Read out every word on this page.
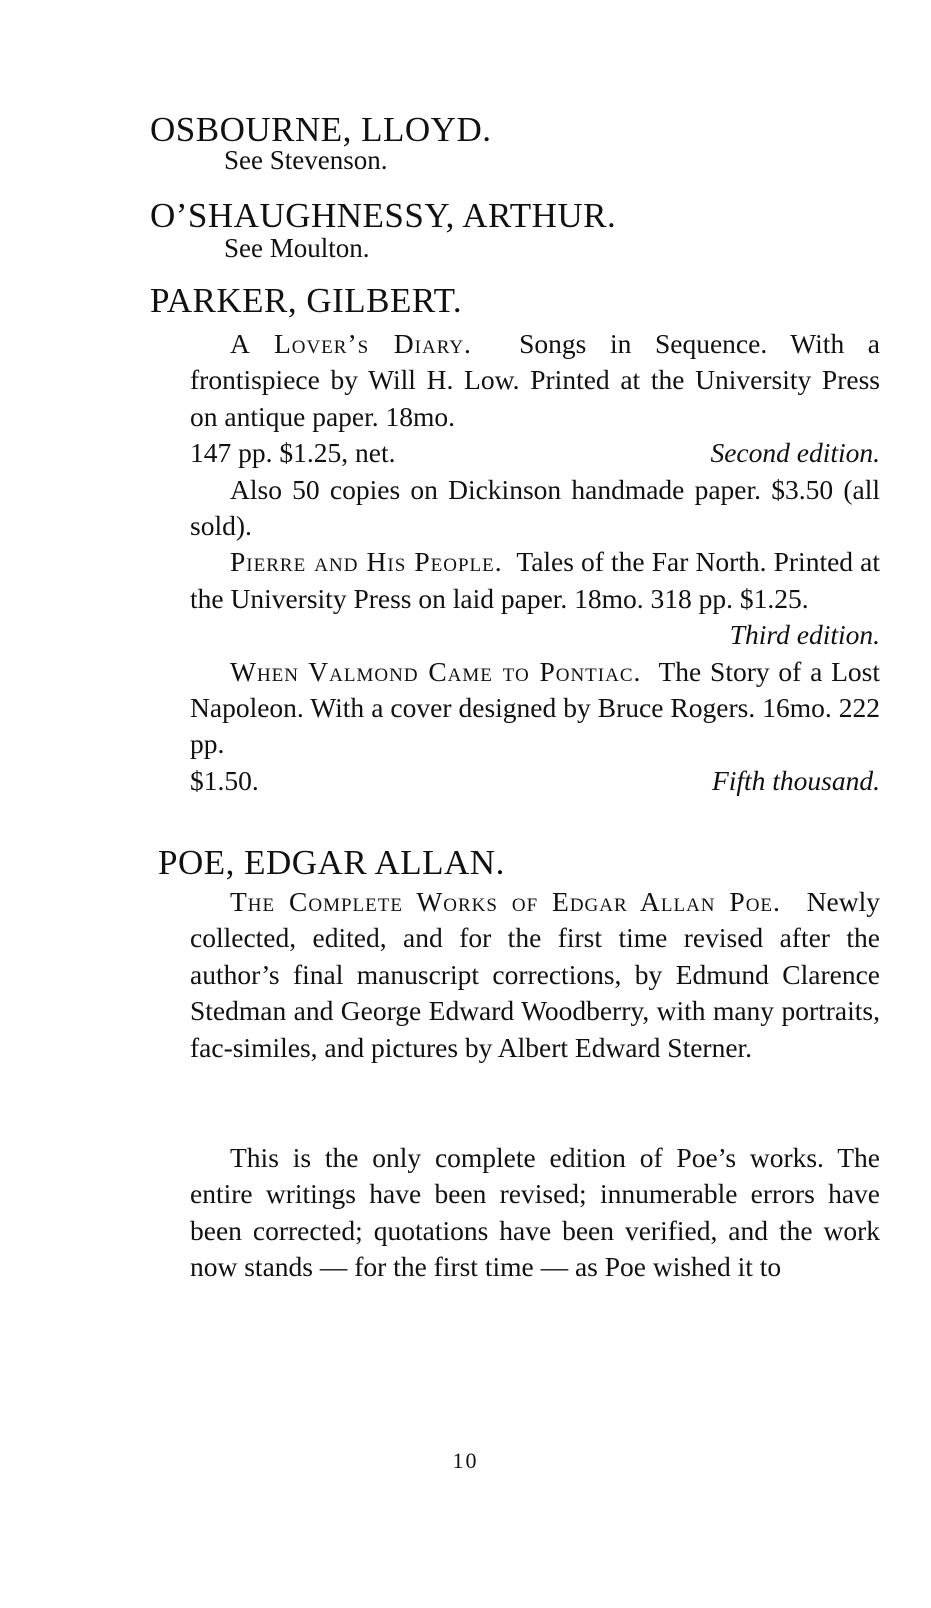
OSBOURNE, LLOYD.
See Stevenson.
O’SHAUGHNESSY, ARTHUR.
See Moulton.
PARKER, GILBERT.

A Lover’s Diary. Songs in Sequence. With a frontispiece by Will H. Low. Printed at the University Press on antique paper. 18mo.

147 pp. $1.25, net.	Second edition.

Also 50 copies on Dickinson handmade paper. $3.50 (all sold).

Pierre and His People. Tales of the Far North. Printed at the University Press on laid paper. 18mo. 318 pp. $1.25.

Third edition.

When Valmond Came to Pontiac. The Story of a Lost Napoleon. With a cover designed by Bruce Rogers. 16mo. 222 pp.

$1.50.	Fifth thousand.
POE, EDGAR ALLAN.

The Complete Works of Edgar Allan Poe. Newly collected, edited, and for the first time revised after the author’s final manuscript corrections, by Edmund Clarence Stedman and George Edward Woodberry, with many portraits, fac-similes, and pictures by Albert Edward Sterner.

This is the only complete edition of Poe’s works. The entire writings have been revised; innumerable errors have been corrected; quotations have been verified, and the work now stands — for the first time — as Poe wished it to

10
